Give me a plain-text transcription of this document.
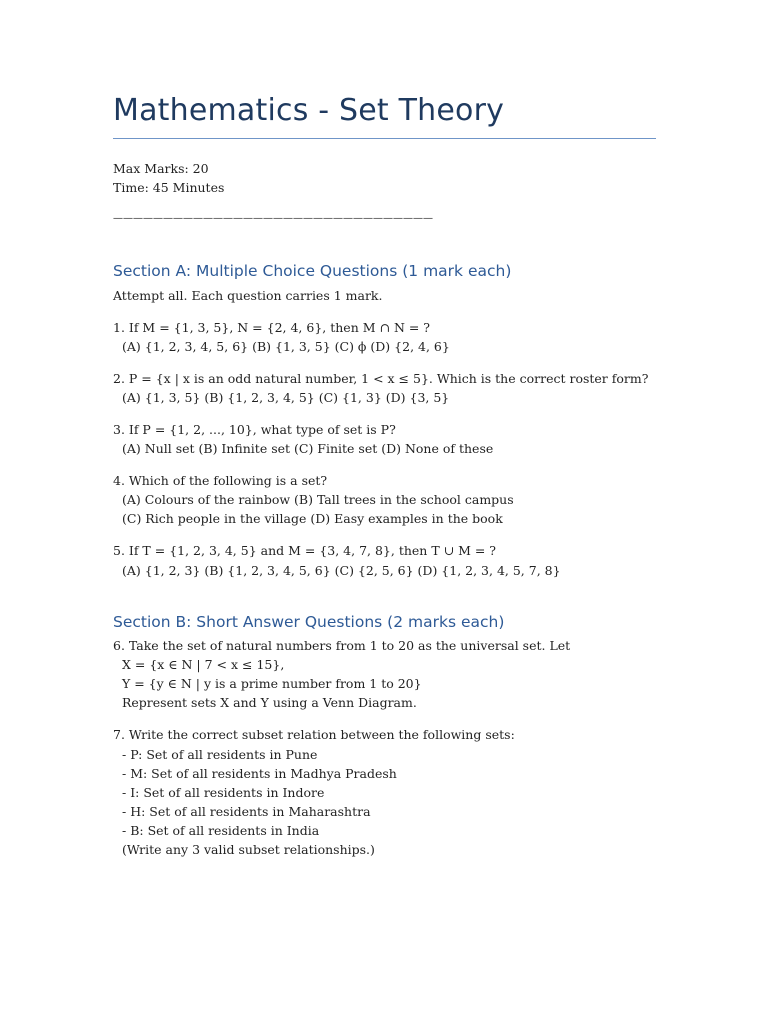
Mathematics - Set Theory
Max Marks: 20
Time: 45 Minutes
————————————————————————————————
Section A: Multiple Choice Questions (1 mark each)
Attempt all. Each question carries 1 mark.
1. If M = {1, 3, 5}, N = {2, 4, 6}, then M ∩ N = ?
(A) {1, 2, 3, 4, 5, 6} (B) {1, 3, 5} (C) ϕ (D) {2, 4, 6}
2. P = {x | x is an odd natural number, 1 < x ≤ 5}. Which is the correct roster form?
(A) {1, 3, 5} (B) {1, 2, 3, 4, 5} (C) {1, 3} (D) {3, 5}
3. If P = {1, 2, ..., 10}, what type of set is P?
(A) Null set (B) Infinite set (C) Finite set (D) None of these
4. Which of the following is a set?
(A) Colours of the rainbow (B) Tall trees in the school campus
(C) Rich people in the village (D) Easy examples in the book
5. If T = {1, 2, 3, 4, 5} and M = {3, 4, 7, 8}, then T ∪ M = ?
(A) {1, 2, 3} (B) {1, 2, 3, 4, 5, 6} (C) {2, 5, 6} (D) {1, 2, 3, 4, 5, 7, 8}
Section B: Short Answer Questions (2 marks each)
6. Take the set of natural numbers from 1 to 20 as the universal set. Let
X = {x ∈ N | 7 < x ≤ 15},
Y = {y ∈ N | y is a prime number from 1 to 20}
Represent sets X and Y using a Venn Diagram.
7. Write the correct subset relation between the following sets:
- P: Set of all residents in Pune
- M: Set of all residents in Madhya Pradesh
- I: Set of all residents in Indore
- H: Set of all residents in Maharashtra
- B: Set of all residents in India
(Write any 3 valid subset relationships.)
